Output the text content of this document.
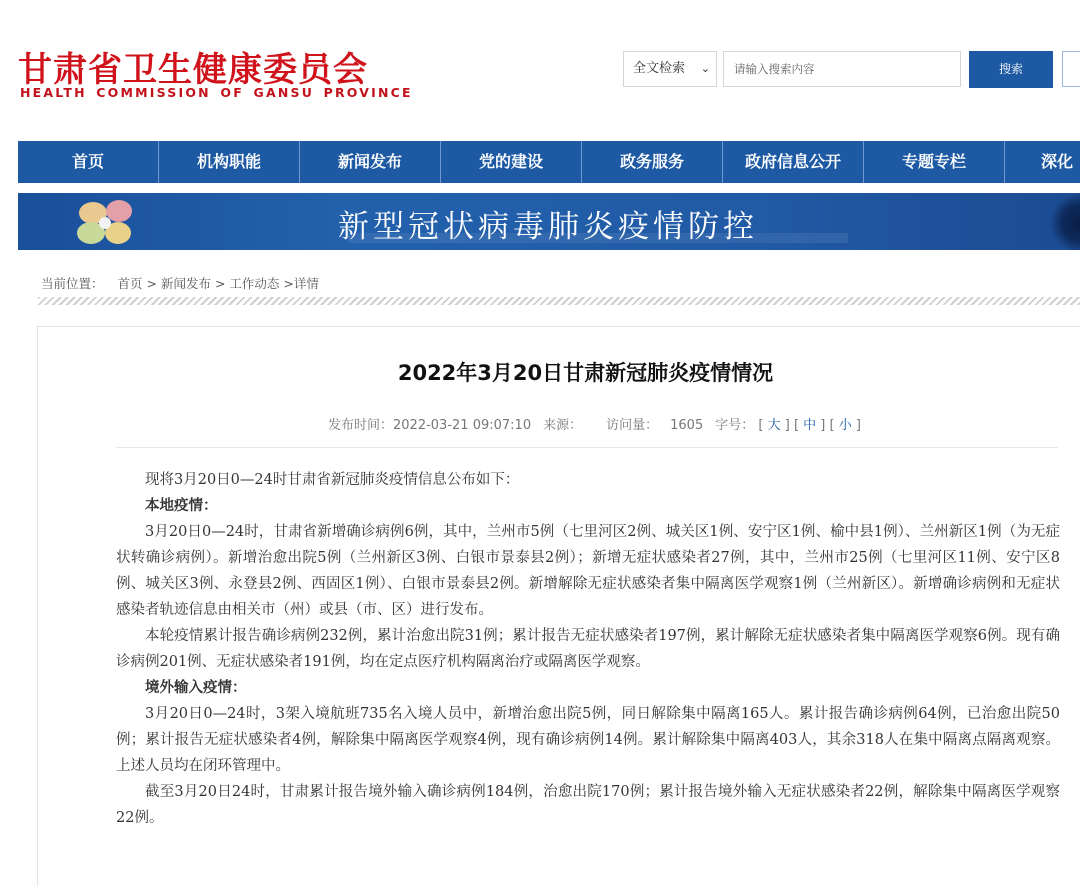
甘肃省卫生健康委员会
HEALTH COMMISSION OF GANSU PROVINCE
全文检索 ⌄	请输入搜索内容	搜索
首页	机构职能	新闻发布	党的建设	政务服务	政府信息公开	专题专栏	深化
新型冠状病毒肺炎疫情防控
当前位置： 首页 > 新闻发布 > 工作动态 >详情
2022年3月20日甘肃新冠肺炎疫情情况
发布时间：2022-03-21 09:07:10 来源： 访问量： 1605 字号： [ 大 ] [ 中 ] [ 小 ]

现将3月20日0—24时甘肃省新冠肺炎疫情信息公布如下：

本地疫情：

3月20日0—24时，甘肃省新增确诊病例6例，其中，兰州市5例（七里河区2例、城关区1例、安宁区1例、榆中县1例）、兰州新区1例（为无症状转确诊病例）。新增治愈出院5例（兰州新区3例、白银市景泰县2例）；新增无症状感染者27例，其中，兰州市25例（七里河区11例、安宁区8例、城关区3例、永登县2例、西固区1例）、白银市景泰县2例。新增解除无症状感染者集中隔离医学观察1例（兰州新区）。新增确诊病例和无症状感染者轨迹信息由相关市（州）或县（市、区）进行发布。

本轮疫情累计报告确诊病例232例，累计治愈出院31例；累计报告无症状感染者197例，累计解除无症状感染者集中隔离医学观察6例。现有确诊病例201例、无症状感染者191例，均在定点医疗机构隔离治疗或隔离医学观察。

境外输入疫情：

3月20日0—24时，3架入境航班735名入境人员中，新增治愈出院5例，同日解除集中隔离165人。累计报告确诊病例64例，已治愈出院50例；累计报告无症状感染者4例，解除集中隔离医学观察4例，现有确诊病例14例。累计解除集中隔离403人，其余318人在集中隔离点隔离观察。上述人员均在闭环管理中。

截至3月20日24时，甘肃累计报告境外输入确诊病例184例，治愈出院170例；累计报告境外输入无症状感染者22例，解除集中隔离医学观察22例。
